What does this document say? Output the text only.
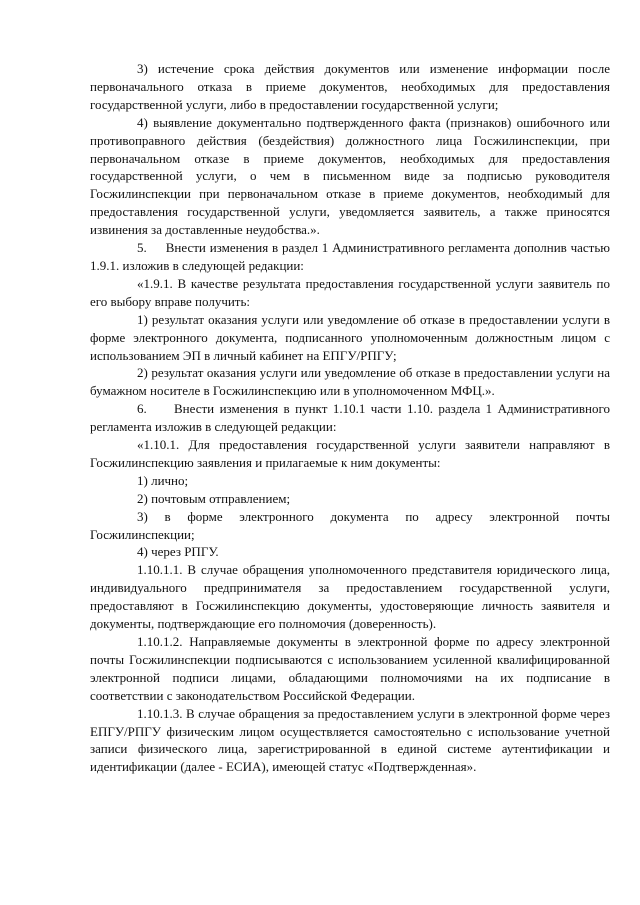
3) истечение срока действия документов или изменение информации после первоначального отказа в приеме документов, необходимых для предоставления государственной услуги, либо в предоставлении государственной услуги;

4) выявление документально подтвержденного факта (признаков) ошибочного или противоправного действия (бездействия) должностного лица Госжилинспекции, при первоначальном отказе в приеме документов, необходимых для предоставления государственной услуги, о чем в письменном виде за подписью руководителя Госжилинспекции при первоначальном отказе в приеме документов, необходимый для предоставления государственной услуги, уведомляется заявитель, а также приносятся извинения за доставленные неудобства.».

5.     Внести изменения в раздел 1 Административного регламента дополнив частью 1.9.1. изложив в следующей редакции:

«1.9.1. В качестве результата предоставления государственной услуги заявитель по его выбору вправе получить:

1) результат оказания услуги или уведомление об отказе в предоставлении услуги в форме электронного документа, подписанного уполномоченным должностным лицом с использованием ЭП в личный кабинет на ЕПГУ/РПГУ;

2) результат оказания услуги или уведомление об отказе в предоставлении услуги на бумажном носителе в Госжилинспекцию или в уполномоченном МФЦ.».

6.     Внести изменения в пункт 1.10.1 части 1.10. раздела 1 Административного регламента изложив в следующей редакции:

«1.10.1. Для предоставления государственной услуги заявители направляют в Госжилинспекцию заявления и прилагаемые к ним документы:

1) лично;

2) почтовым отправлением;

3) в форме электронного документа по адресу электронной почты Госжилинспекции;

4) через РПГУ.

1.10.1.1. В случае обращения уполномоченного представителя юридического лица, индивидуального предпринимателя за предоставлением государственной услуги, предоставляют в Госжилинспекцию документы, удостоверяющие личность заявителя и документы, подтверждающие его полномочия (доверенность).

1.10.1.2. Направляемые документы в электронной форме по адресу электронной почты Госжилинспекции подписываются с использованием усиленной квалифицированной электронной подписи лицами, обладающими полномочиями на их подписание в соответствии с законодательством Российской Федерации.

1.10.1.3. В случае обращения за предоставлением услуги в электронной форме через ЕПГУ/РПГУ физическим лицом осуществляется самостоятельно с использование учетной записи физического лица, зарегистрированной в единой системе аутентификации и идентификации (далее - ЕСИА), имеющей статус «Подтвержденная».
